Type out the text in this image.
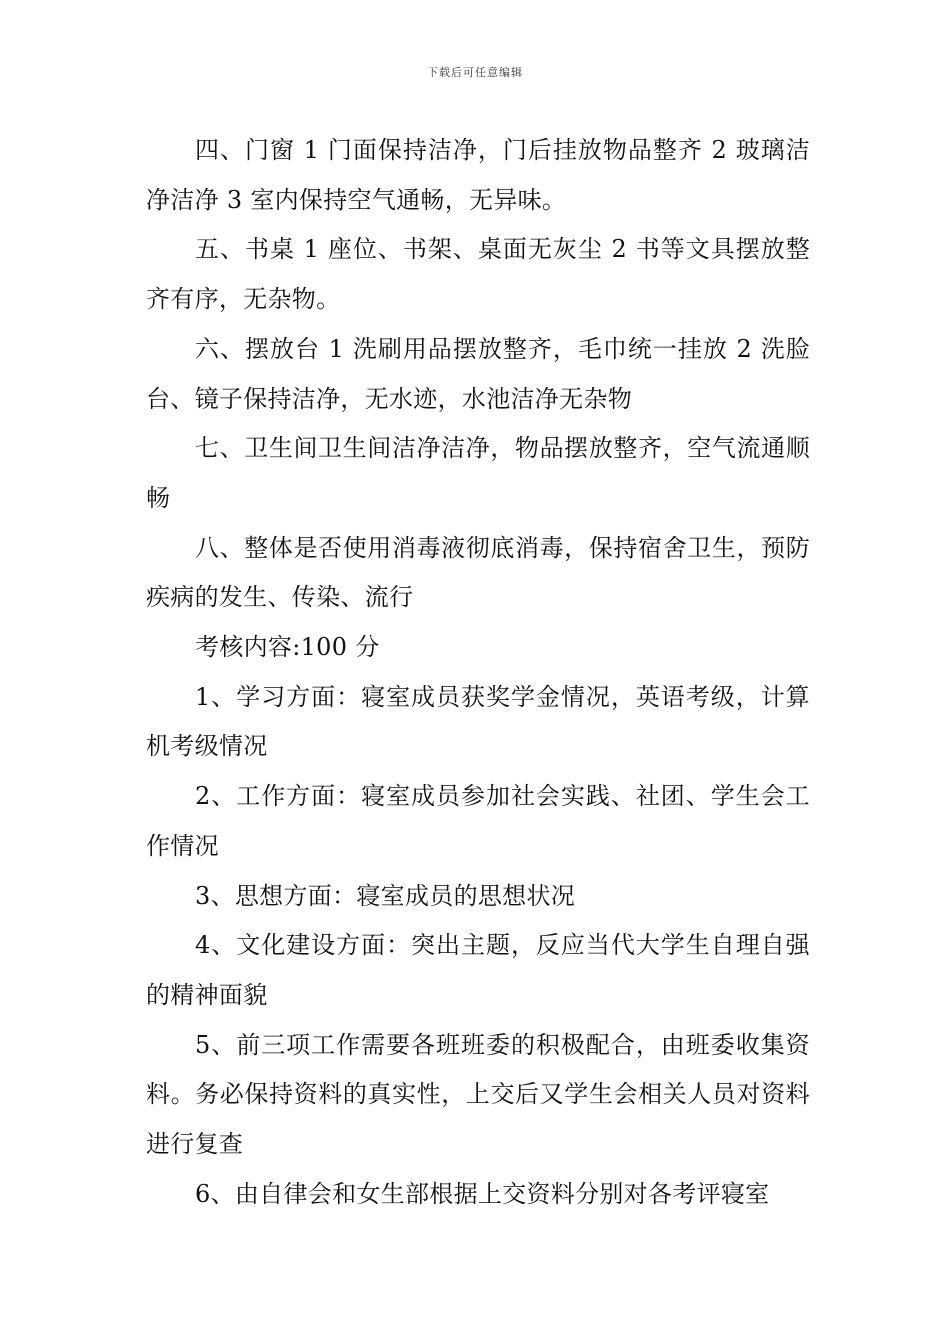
下载后可任意编辑

四、门窗 1 门面保持洁净，门后挂放物品整齐 2 玻璃洁净洁净 3 室内保持空气通畅，无异味。

五、书桌 1 座位、书架、桌面无灰尘 2 书等文具摆放整齐有序，无杂物。

六、摆放台 1 洗刷用品摆放整齐，毛巾统一挂放 2 洗脸台、镜子保持洁净，无水迹，水池洁净无杂物

七、卫生间卫生间洁净洁净，物品摆放整齐，空气流通顺畅

八、整体是否使用消毒液彻底消毒，保持宿舍卫生，预防疾病的发生、传染、流行

考核内容:100 分

1、学习方面：寝室成员获奖学金情况，英语考级，计算机考级情况

2、工作方面：寝室成员参加社会实践、社团、学生会工作情况

3、思想方面：寝室成员的思想状况

4、文化建设方面：突出主题，反应当代大学生自理自强的精神面貌

5、前三项工作需要各班班委的积极配合，由班委收集资料。务必保持资料的真实性，上交后又学生会相关人员对资料进行复查

6、由自律会和女生部根据上交资料分别对各考评寝室
